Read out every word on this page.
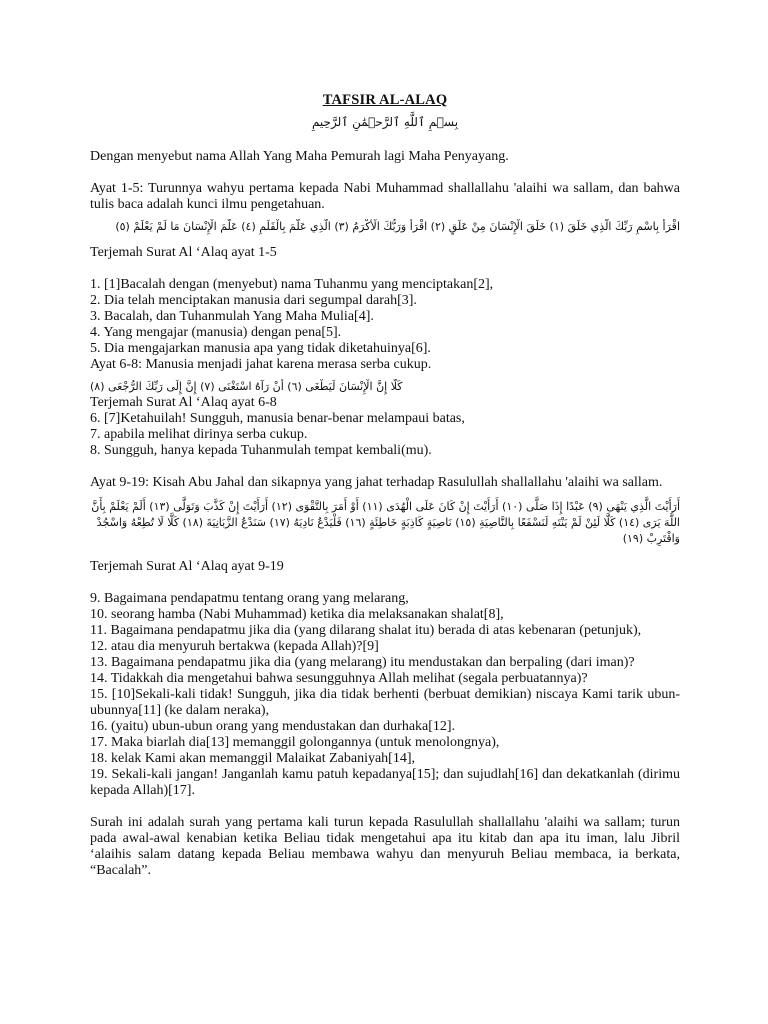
TAFSIR AL-ALAQ

بِسۡمِ ٱللَّهِ ٱلرَّحۡمَٰنِ ٱلرَّحِيمِ

Dengan menyebut nama Allah Yang Maha Pemurah lagi Maha Penyayang.

Ayat 1-5: Turunnya wahyu pertama kepada Nabi Muhammad shallallahu 'alaihi wa sallam, dan bahwa tulis baca adalah kunci ilmu pengetahuan.

اقْرَأْ بِاسْمِ رَبِّكَ الَّذِي خَلَقَ (١) خَلَقَ الْإِنْسَانَ مِنْ عَلَقٍ (٢) اقْرَأْ وَرَبُّكَ الْأَكْرَمُ (٣) الَّذِي عَلَّمَ بِالْقَلَمِ (٤) عَلَّمَ الْإِنْسَانَ مَا لَمْ يَعْلَمْ (٥)

Terjemah Surat Al ‘Alaq ayat 1-5

1. [1]Bacalah dengan (menyebut) nama Tuhanmu yang menciptakan[2],

2. Dia telah menciptakan manusia dari segumpal darah[3].

3. Bacalah, dan Tuhanmulah Yang Maha Mulia[4].

4. Yang mengajar (manusia) dengan pena[5].

5. Dia mengajarkan manusia apa yang tidak diketahuinya[6].

Ayat 6-8: Manusia menjadi jahat karena merasa serba cukup.

كَلَّا إِنَّ الْإِنْسَانَ لَيَطْغَى (٦) أَنْ رَآهُ اسْتَغْنَى (٧) إِنَّ إِلَى رَبِّكَ الرُّجْعَى (٨)

Terjemah Surat Al ‘Alaq ayat 6-8

6. [7]Ketahuilah! Sungguh, manusia benar-benar melampaui batas,

7. apabila melihat dirinya serba cukup.

8. Sungguh, hanya kepada Tuhanmulah tempat kembali(mu).

Ayat 9-19: Kisah Abu Jahal dan sikapnya yang jahat terhadap Rasulullah shallallahu 'alaihi wa sallam.

أَرَأَيْتَ الَّذِي يَنْهَى (٩) عَبْدًا إِذَا صَلَّى (١٠) أَرَأَيْتَ إِنْ كَانَ عَلَى الْهُدَى (١١) أَوْ أَمَرَ بِالتَّقْوَى (١٢) أَرَأَيْتَ إِنْ كَذَّبَ وَتَوَلَّى (١٣) أَلَمْ يَعْلَمْ بِأَنَّ اللَّهَ يَرَى (١٤) كَلَّا لَئِنْ لَمْ يَنْتَهِ لَنَسْفَعًا بِالنَّاصِيَةِ (١٥) نَاصِيَةٍ كَاذِبَةٍ خَاطِئَةٍ (١٦) فَلْيَدْعُ نَادِيَهُ (١٧) سَنَدْعُ الزَّبَانِيَةَ (١٨) كَلَّا لَا تُطِعْهُ وَاسْجُدْ وَاقْتَرِبْ (١٩)

Terjemah Surat Al ‘Alaq ayat 9-19

9. Bagaimana pendapatmu tentang orang yang melarang,

10. seorang hamba (Nabi Muhammad) ketika dia melaksanakan shalat[8],

11. Bagaimana pendapatmu jika dia (yang dilarang shalat itu) berada di atas kebenaran (petunjuk),

12. atau dia menyuruh bertakwa (kepada Allah)?[9]

13. Bagaimana pendapatmu jika dia (yang melarang) itu mendustakan dan berpaling (dari iman)?

14. Tidakkah dia mengetahui bahwa sesungguhnya Allah melihat (segala perbuatannya)?

15. [10]Sekali-kali tidak! Sungguh, jika dia tidak berhenti (berbuat demikian) niscaya Kami tarik ubun-ubunnya[11] (ke dalam neraka),

16. (yaitu) ubun-ubun orang yang mendustakan dan durhaka[12].

17. Maka biarlah dia[13] memanggil golongannya (untuk menolongnya),

18. kelak Kami akan memanggil Malaikat Zabaniyah[14],

19. Sekali-kali jangan! Janganlah kamu patuh kepadanya[15]; dan sujudlah[16] dan dekatkanlah (dirimu kepada Allah)[17].

Surah ini adalah surah yang pertama kali turun kepada Rasulullah shallallahu 'alaihi wa sallam; turun pada awal-awal kenabian ketika Beliau tidak mengetahui apa itu kitab dan apa itu iman, lalu Jibril ‘alaihis salam datang kepada Beliau membawa wahyu dan menyuruh Beliau membaca, ia berkata, “Bacalah”.
